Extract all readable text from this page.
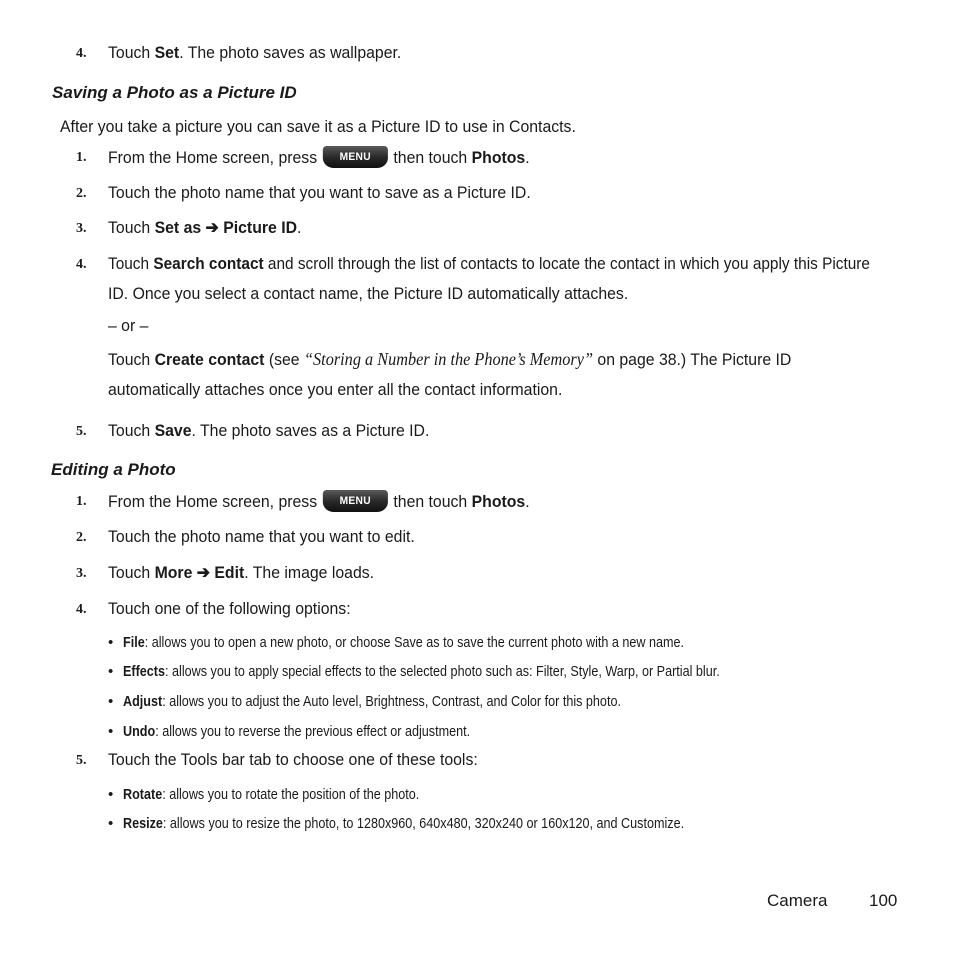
4. Touch Set. The photo saves as wallpaper.
Saving a Photo as a Picture ID
After you take a picture you can save it as a Picture ID to use in Contacts.
1. From the Home screen, press MENU then touch Photos.
2. Touch the photo name that you want to save as a Picture ID.
3. Touch Set as ➔ Picture ID.
4. Touch Search contact and scroll through the list of contacts to locate the contact in which you apply this Picture
ID. Once you select a contact name, the Picture ID automatically attaches.
– or –
Touch Create contact (see “Storing a Number in the Phone’s Memory” on page 38.) The Picture ID
automatically attaches once you enter all the contact information.
5. Touch Save. The photo saves as a Picture ID.
Editing a Photo
1. From the Home screen, press MENU then touch Photos.
2. Touch the photo name that you want to edit.
3. Touch More ➔ Edit. The image loads.
4. Touch one of the following options:
• File: allows you to open a new photo, or choose Save as to save the current photo with a new name.
• Effects: allows you to apply special effects to the selected photo such as: Filter, Style, Warp, or Partial blur.
• Adjust: allows you to adjust the Auto level, Brightness, Contrast, and Color for this photo.
• Undo: allows you to reverse the previous effect or adjustment.
5. Touch the Tools bar tab to choose one of these tools:
• Rotate: allows you to rotate the position of the photo.
• Resize: allows you to resize the photo, to 1280x960, 640x480, 320x240 or 160x120, and Customize.
Camera 100
